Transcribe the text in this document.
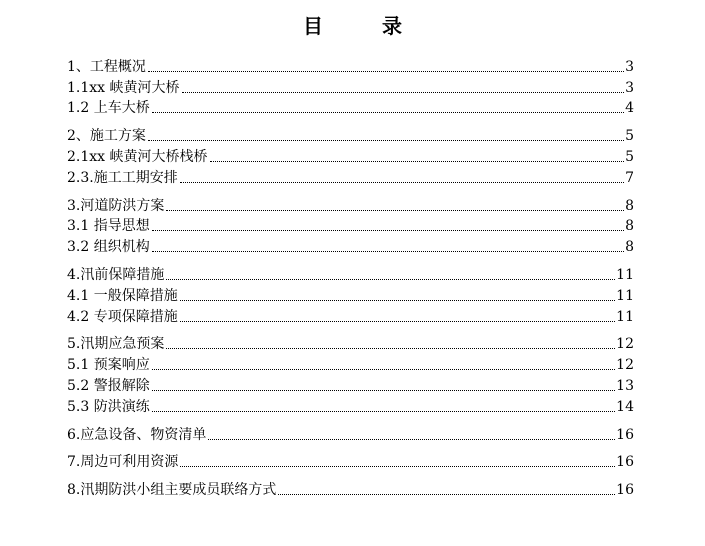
目 录
1、工程概况	3
1.1xx 峡黄河大桥	3
1.2 上车大桥	4
2、施工方案	5
2.1xx 峡黄河大桥栈桥	5
2.3.施工工期安排	7
3.河道防洪方案	8
3.1 指导思想	8
3.2 组织机构	8
4.汛前保障措施	11
4.1 一般保障措施	11
4.2 专项保障措施	11
5.汛期应急预案	12
5.1 预案响应	12
5.2 警报解除	13
5.3 防洪演练	14
6.应急设备、物资清单	16
7.周边可利用资源	16
8.汛期防洪小组主要成员联络方式	16
